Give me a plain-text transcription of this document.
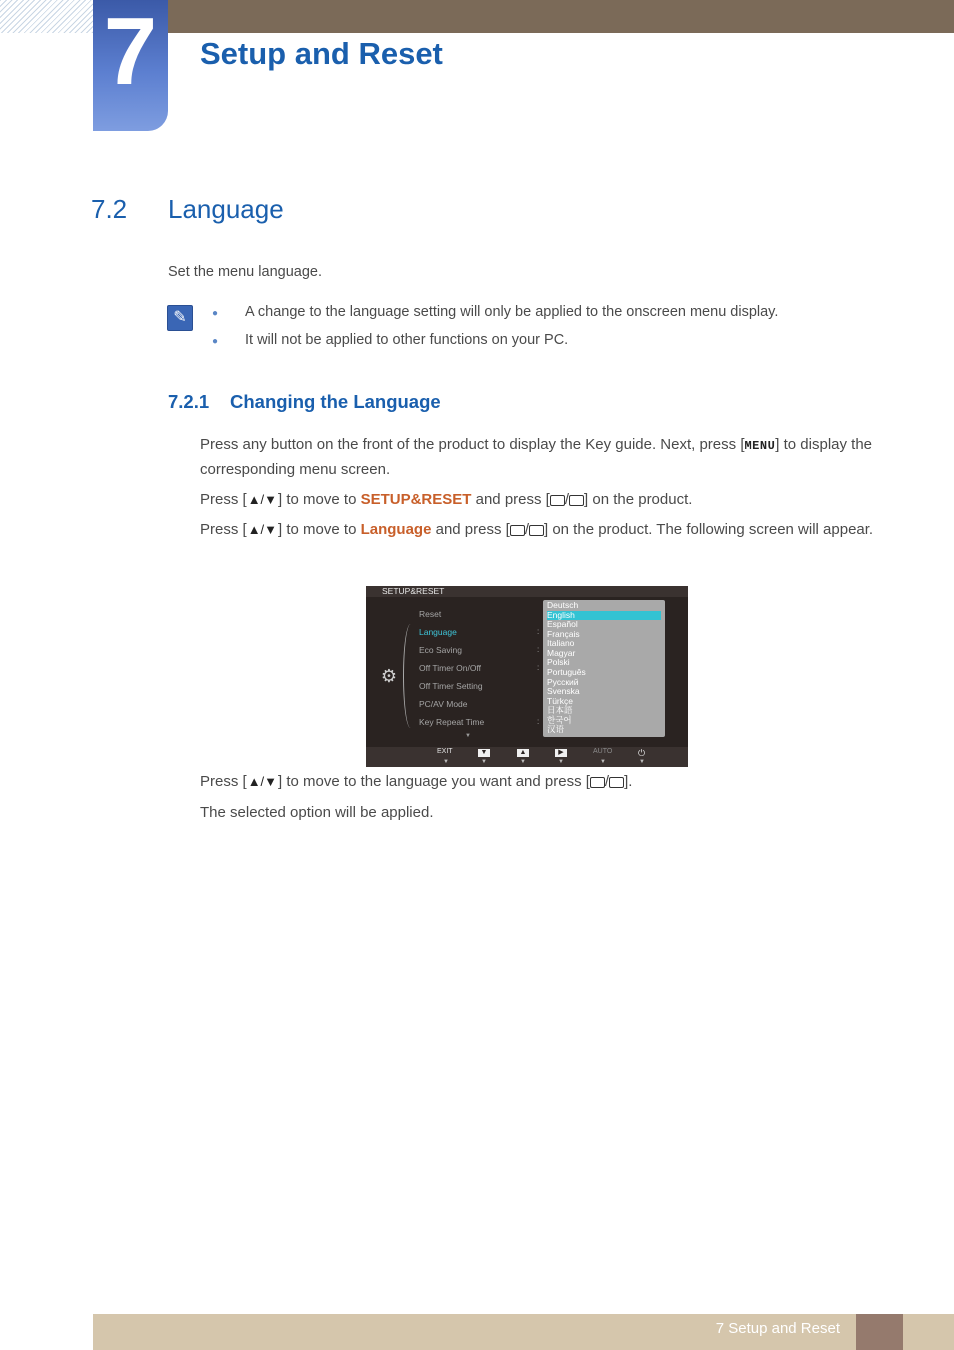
7	Setup and Reset
7.2 Language
Set the menu language.
✎	● A change to the language setting will only be applied to the onscreen menu display.
● It will not be applied to other functions on your PC.
7.2.1 Changing the Language
Press any button on the front of the product to display the Key guide. Next, press [MENU] to display the corresponding menu screen.
Press [▲/▼] to move to SETUP&RESET and press [ / ] on the product.
Press [▲/▼] to move to Language and press [ / ] on the product. The following screen will appear.
SETUP&RESET
⚙
Reset
Language
Eco Saving
Off Timer On/Off
Off Timer Setting
PC/AV Mode
Key Repeat Time
:
:
:
:
▼
Deutsch
English
Español
Français
Italiano
Magyar
Polski
Português
Русский
Svenska
Türkçe
日本語
한국어
汉语
EXIT	▼	▲	▶	AUTO	⏻
▼	▼	▼	▼	▼	▼
Press [▲/▼] to move to the language you want and press [ / ].
The selected option will be applied.
7 Setup and Reset
